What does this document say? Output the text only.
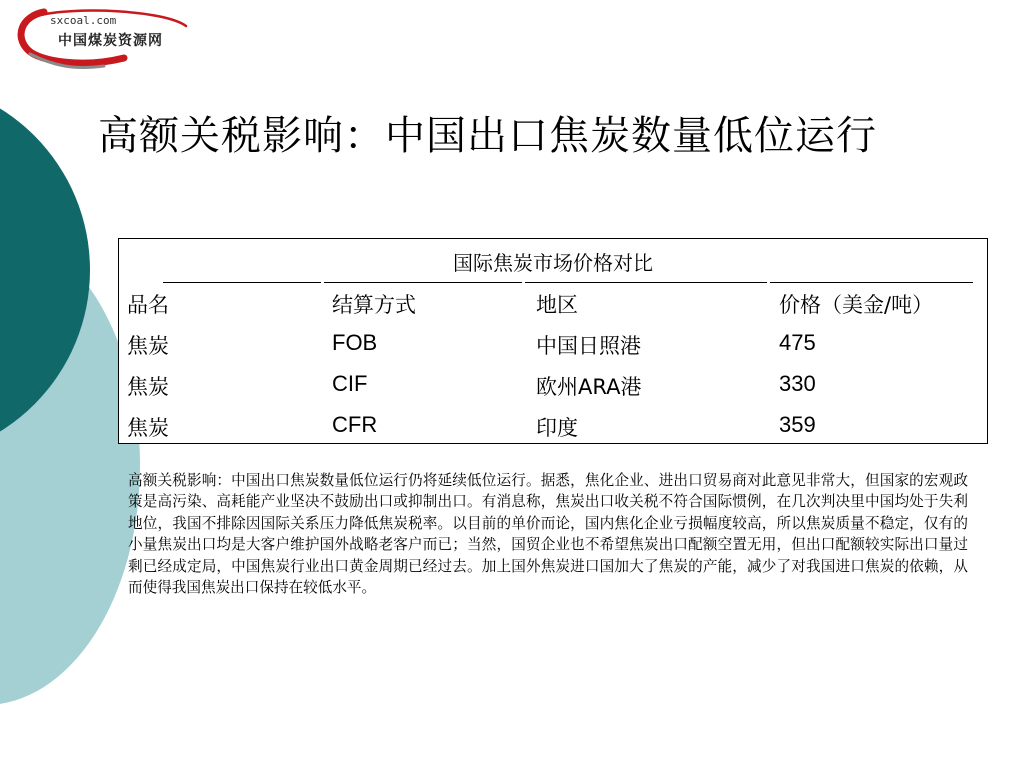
sxcoal.com
中国煤炭资源网
高额关税影响：中国出口焦炭数量低位运行
国际焦炭市场价格对比
品名	结算方式	地区	价格（美金/吨）
焦炭	FOB	中国日照港	475
焦炭	CIF	欧州ARA港	330
焦炭	CFR	印度	359
高额关税影响：中国出口焦炭数量低位运行仍将延续低位运行。据悉，焦化企业、进出口贸易商对此意见非常大，但国家的宏观政策是高污染、高耗能产业坚决不鼓励出口或抑制出口。有消息称，焦炭出口收关税不符合国际惯例，在几次判决里中国均处于失利地位，我国不排除因国际关系压力降低焦炭税率。以目前的单价而论，国内焦化企业亏损幅度较高，所以焦炭质量不稳定，仅有的小量焦炭出口均是大客户维护国外战略老客户而已；当然，国贸企业也不希望焦炭出口配额空置无用，但出口配额较实际出口量过剩已经成定局，中国焦炭行业出口黄金周期已经过去。加上国外焦炭进口国加大了焦炭的产能，减少了对我国进口焦炭的依赖，从而使得我国焦炭出口保持在较低水平。
